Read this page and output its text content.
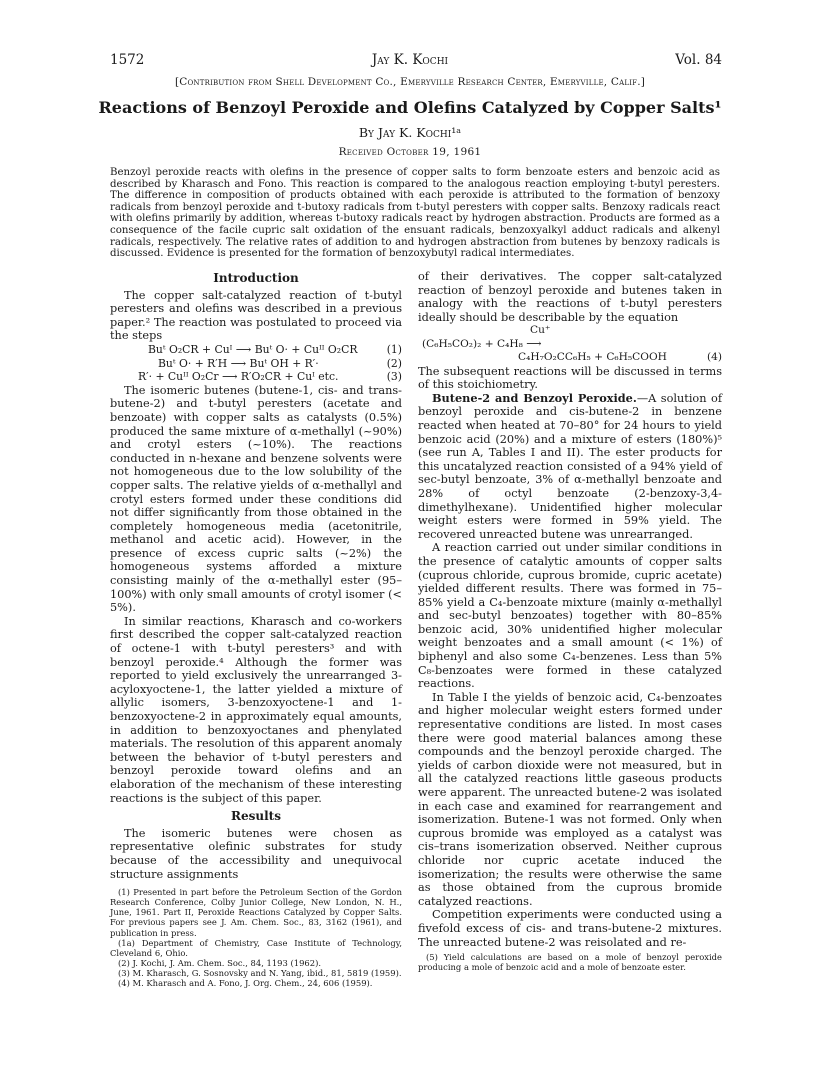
1572	Jay K. Kochi	Vol. 84
[Contribution from Shell Development Co., Emeryville Research Center, Emeryville, Calif.]
Reactions of Benzoyl Peroxide and Olefins Catalyzed by Copper Salts¹
By Jay K. Kochi¹ᵃ
Received October 19, 1961
Benzoyl peroxide reacts with olefins in the presence of copper salts to form benzoate esters and benzoic acid as described by Kharasch and Fono. This reaction is compared to the analogous reaction employing t-butyl peresters. The difference in composition of products obtained with each peroxide is attributed to the formation of benzoxy radicals from benzoyl peroxide and t-butoxy radicals from t-butyl peresters with copper salts. Benzoxy radicals react with olefins primarily by addition, whereas t-butoxy radicals react by hydrogen abstraction. Products are formed as a consequence of the facile cupric salt oxidation of the ensuant radicals, benzoxyalkyl adduct radicals and alkenyl radicals, respectively. The relative rates of addition to and hydrogen abstraction from butenes by benzoxy radicals is discussed. Evidence is presented for the formation of benzoxybutyl radical intermediates.
Introduction

The copper salt-catalyzed reaction of t-butyl peresters and olefins was described in a previous paper.² The reaction was postulated to proceed via the steps

Buᵗ O₂CR + Cuᴵ ⟶ Buᵗ O· + Cuᴵᴵ O₂CR	(1)
Buᵗ O· + R′H ⟶ Buᵗ OH + R′·	(2)
R′· + Cuᴵᴵ O₂Cr ⟶ R′O₂CR + Cuᴵ etc.	(3)

The isomeric butenes (butene-1, cis- and trans-butene-2) and t-butyl peresters (acetate and benzoate) with copper salts as catalysts (0.5%) produced the same mixture of α-methallyl (~90%) and crotyl esters (~10%). The reactions conducted in n-hexane and benzene solvents were not homogeneous due to the low solubility of the copper salts. The relative yields of α-methallyl and crotyl esters formed under these conditions did not differ significantly from those obtained in the completely homogeneous media (acetonitrile, methanol and acetic acid). However, in the presence of excess cupric salts (~2%) the homogeneous systems afforded a mixture consisting mainly of the α-methallyl ester (95–100%) with only small amounts of crotyl isomer (< 5%).

In similar reactions, Kharasch and co-workers first described the copper salt-catalyzed reaction of octene-1 with t-butyl peresters³ and with benzoyl peroxide.⁴ Although the former was reported to yield exclusively the unrearranged 3-acyloxyoctene-1, the latter yielded a mixture of allylic isomers, 3-benzoxyoctene-1 and 1-benzoxyoctene-2 in approximately equal amounts, in addition to benzoxyoctanes and phenylated materials. The resolution of this apparent anomaly between the behavior of t-butyl peresters and benzoyl peroxide toward olefins and an elaboration of the mechanism of these interesting reactions is the subject of this paper.

Results

The isomeric butenes were chosen as representative olefinic substrates for study because of the accessibility and unequivocal structure assignments

(1) Presented in part before the Petroleum Section of the Gordon Research Conference, Colby Junior College, New London, N. H., June, 1961. Part II, Peroxide Reactions Catalyzed by Copper Salts. For previous papers see J. Am. Chem. Soc., 83, 3162 (1961), and publication in press.
(1a) Department of Chemistry, Case Institute of Technology, Cleveland 6, Ohio.
(2) J. Kochi, J. Am. Chem. Soc., 84, 1193 (1962).
(3) M. Kharasch, G. Sosnovsky and N. Yang, ibid., 81, 5819 (1959).
(4) M. Kharasch and A. Fono, J. Org. Chem., 24, 606 (1959).

of their derivatives. The copper salt-catalyzed reaction of benzoyl peroxide and butenes taken in analogy with the reactions of t-butyl peresters ideally should be describable by the equation

Cu⁺
(C₆H₅CO₂)₂ + C₄H₈ ⟶
C₄H₇O₂CC₆H₅ + C₆H₅COOH	(4)

The subsequent reactions will be discussed in terms of this stoichiometry.

Butene-2 and Benzoyl Peroxide.—A solution of benzoyl peroxide and cis-butene-2 in benzene reacted when heated at 70–80° for 24 hours to yield benzoic acid (20%) and a mixture of esters (180%)⁵ (see run A, Tables I and II). The ester products for this uncatalyzed reaction consisted of a 94% yield of sec-butyl benzoate, 3% of α-methallyl benzoate and 28% of octyl benzoate (2-benzoxy-3,4-dimethylhexane). Unidentified higher molecular weight esters were formed in 59% yield. The recovered unreacted butene was unrearranged.

A reaction carried out under similar conditions in the presence of catalytic amounts of copper salts (cuprous chloride, cuprous bromide, cupric acetate) yielded different results. There was formed in 75–85% yield a C₄-benzoate mixture (mainly α-methallyl and sec-butyl benzoates) together with 80–85% benzoic acid, 30% unidentified higher molecular weight benzoates and a small amount (< 1%) of biphenyl and also some C₄-benzenes. Less than 5% C₈-benzoates were formed in these catalyzed reactions.

In Table I the yields of benzoic acid, C₄-benzoates and higher molecular weight esters formed under representative conditions are listed. In most cases there were good material balances among these compounds and the benzoyl peroxide charged. The yields of carbon dioxide were not measured, but in all the catalyzed reactions little gaseous products were apparent. The unreacted butene-2 was isolated in each case and examined for rearrangement and isomerization. Butene-1 was not formed. Only when cuprous bromide was employed as a catalyst was cis–trans isomerization observed. Neither cuprous chloride nor cupric acetate induced the isomerization; the results were otherwise the same as those obtained from the cuprous bromide catalyzed reactions.

Competition experiments were conducted using a fivefold excess of cis- and trans-butene-2 mixtures. The unreacted butene-2 was reisolated and re-

(5) Yield calculations are based on a mole of benzoyl peroxide producing a mole of benzoic acid and a mole of benzoate ester.
